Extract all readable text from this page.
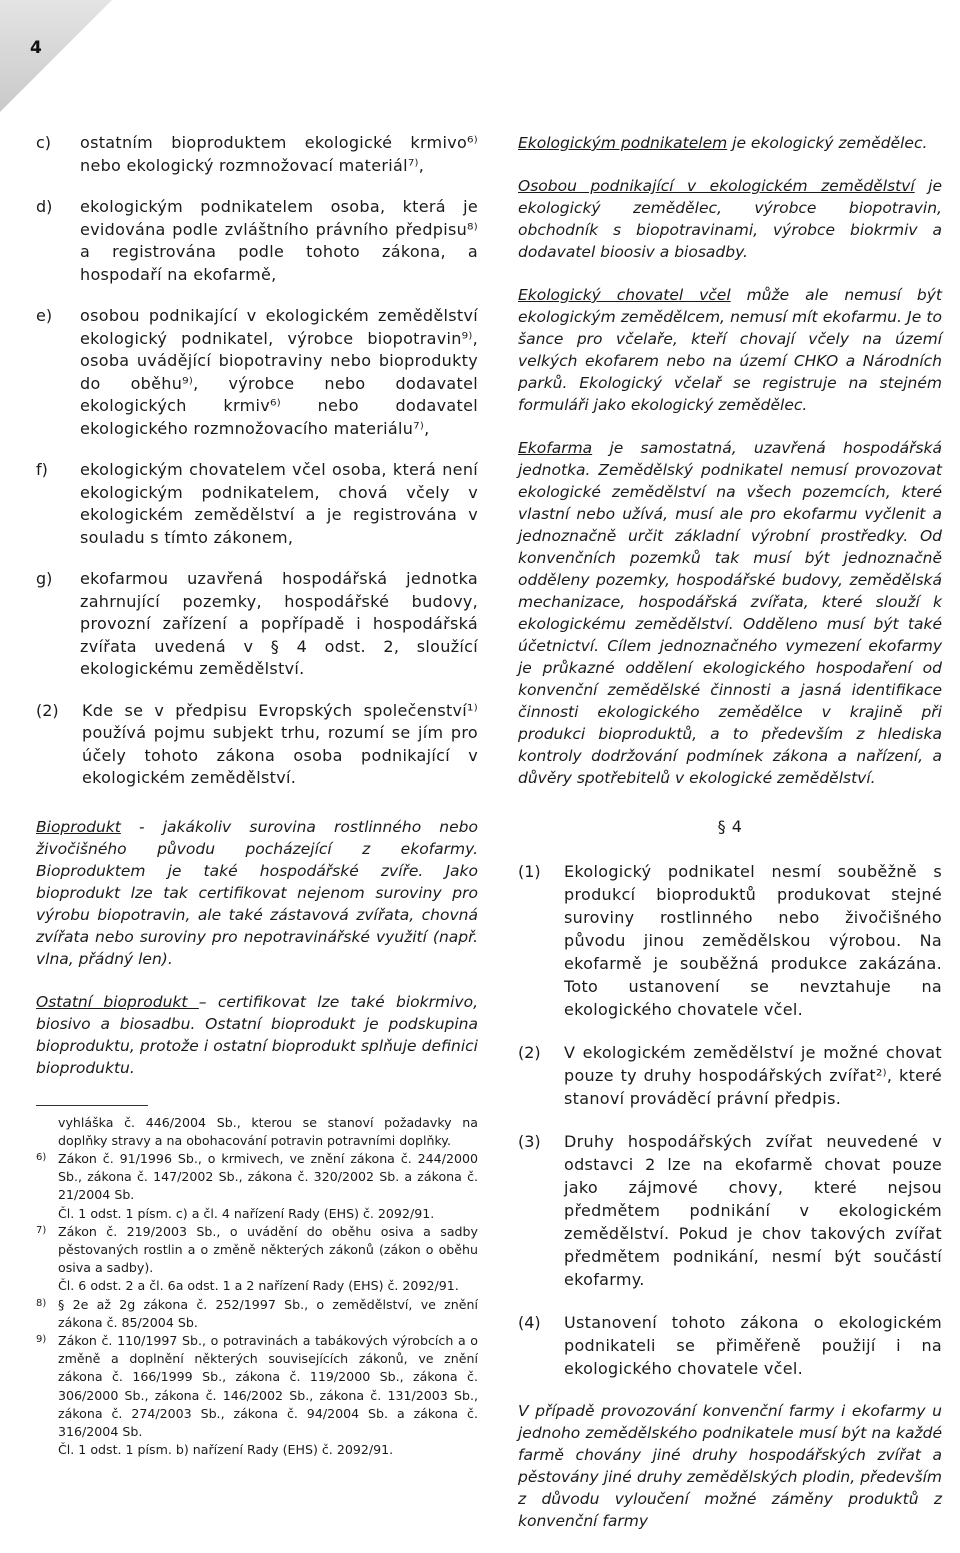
4
c)	ostatním bioproduktem ekologické krmivo⁶⁾ nebo ekologický rozmnožovací materiál⁷⁾,
d)	ekologickým podnikatelem osoba, která je evidována podle zvláštního právního předpisu⁸⁾ a registrována podle tohoto zákona, a hospodaří na ekofarmě,
e)	osobou podnikající v ekologickém zemědělství ekologický podnikatel, výrobce biopotravin⁹⁾, osoba uvádějící biopotraviny nebo bioprodukty do oběhu⁹⁾, výrobce nebo dodavatel ekologických krmiv⁶⁾ nebo dodavatel ekologického rozmnožovacího materiálu⁷⁾,
f)	ekologickým chovatelem včel osoba, která není ekologickým podnikatelem, chová včely v ekologickém zemědělství a je registrována v souladu s tímto zákonem,
g)	ekofarmou uzavřená hospodářská jednotka zahrnující pozemky, hospodářské budovy, provozní zařízení a popřípadě i hospodářská zvířata uvedená v § 4 odst. 2, sloužící ekologickému zemědělství.
(2)	Kde se v předpisu Evropských společenství¹⁾ používá pojmu subjekt trhu, rozumí se jím pro účely tohoto zákona osoba podnikající v ekologickém zemědělství.
Bioprodukt - jakákoliv surovina rostlinného nebo živočišného původu pocházející z ekofarmy. Bioproduktem je také hospodářské zvíře. Jako bioprodukt lze tak certifikovat nejenom suroviny pro výrobu biopotravin, ale také zástavová zvířata, chovná zvířata nebo suroviny pro nepotravinářské využití (např. vlna, přádný len).
Ostatní bioprodukt – certifikovat lze také biokrmivo, biosivo a biosadbu. Ostatní bioprodukt je podskupina bioproduktu, protože i ostatní bioprodukt splňuje definici bioproduktu.
vyhláška č. 446/2004 Sb., kterou se stanoví požadavky na doplňky stravy a na obohacování potravin potravními doplňky.
6) Zákon č. 91/1996 Sb., o krmivech, ve znění zákona č. 244/2000 Sb., zákona č. 147/2002 Sb., zákona č. 320/2002 Sb. a zákona č. 21/2004 Sb.
Čl. 1 odst. 1 písm. c) a čl. 4 nařízení Rady (EHS) č. 2092/91.
7) Zákon č. 219/2003 Sb., o uvádění do oběhu osiva a sadby pěstovaných rostlin a o změně některých zákonů (zákon o oběhu osiva a sadby).
Čl. 6 odst. 2 a čl. 6a odst. 1 a 2 nařízení Rady (EHS) č. 2092/91.
8) § 2e až 2g zákona č. 252/1997 Sb., o zemědělství, ve znění zákona č. 85/2004 Sb.
9) Zákon č. 110/1997 Sb., o potravinách a tabákových výrobcích a o změně a doplnění některých souvisejících zákonů, ve znění zákona č. 166/1999 Sb., zákona č. 119/2000 Sb., zákona č. 306/2000 Sb., zákona č. 146/2002 Sb., zákona č. 131/2003 Sb., zákona č. 274/2003 Sb., zákona č. 94/2004 Sb. a zákona č. 316/2004 Sb.
Čl. 1 odst. 1 písm. b) nařízení Rady (EHS) č. 2092/91.
Ekologickým podnikatelem je ekologický zemědělec.
Osobou podnikající v ekologickém zemědělství je ekologický zemědělec, výrobce biopotravin, obchodník s biopotravinami, výrobce biokrmiv a dodavatel bioosiv a biosadby.
Ekologický chovatel včel může ale nemusí být ekologickým zemědělcem, nemusí mít ekofarmu. Je to šance pro včelaře, kteří chovají včely na území velkých ekofarem nebo na území CHKO a Národních parků. Ekologický včelař se registruje na stejném formuláři jako ekologický zemědělec.
Ekofarma je samostatná, uzavřená hospodářská jednotka. Zemědělský podnikatel nemusí provozovat ekologické zemědělství na všech pozemcích, které vlastní nebo užívá, musí ale pro ekofarmu vyčlenit a jednoznačně určit základní výrobní prostředky. Od konvenčních pozemků tak musí být jednoznačně odděleny pozemky, hospodářské budovy, zemědělská mechanizace, hospodářská zvířata, které slouží k ekologickému zemědělství. Odděleno musí být také účetnictví. Cílem jednoznačného vymezení ekofarmy je průkazné oddělení ekologického hospodaření od konvenční zemědělské činnosti a jasná identifikace činnosti ekologického zemědělce v krajině při produkci bioproduktů, a to především z hlediska kontroly dodržování podmínek zákona a nařízení, a důvěry spotřebitelů v ekologické zemědělství.
§ 4
(1)	Ekologický podnikatel nesmí souběžně s produkcí bioproduktů produkovat stejné suroviny rostlinného nebo živočišného původu jinou zemědělskou výrobou. Na ekofarmě je souběžná produkce zakázána. Toto ustanovení se nevztahuje na ekologického chovatele včel.
(2)	V ekologickém zemědělství je možné chovat pouze ty druhy hospodářských zvířat²⁾, které stanoví prováděcí právní předpis.
(3)	Druhy hospodářských zvířat neuvedené v odstavci 2 lze na ekofarmě chovat pouze jako zájmové chovy, které nejsou předmětem podnikání v ekologickém zemědělství. Pokud je chov takových zvířat předmětem podnikání, nesmí být součástí ekofarmy.
(4)	Ustanovení tohoto zákona o ekologickém podnikateli se přiměřeně použijí i na ekologického chovatele včel.
V případě provozování konvenční farmy i ekofarmy u jednoho zemědělského podnikatele musí být na každé farmě chovány jiné druhy hospodářských zvířat a pěstovány jiné druhy zemědělských plodin, především z důvodu vyloučení možné záměny produktů z konvenční farmy
